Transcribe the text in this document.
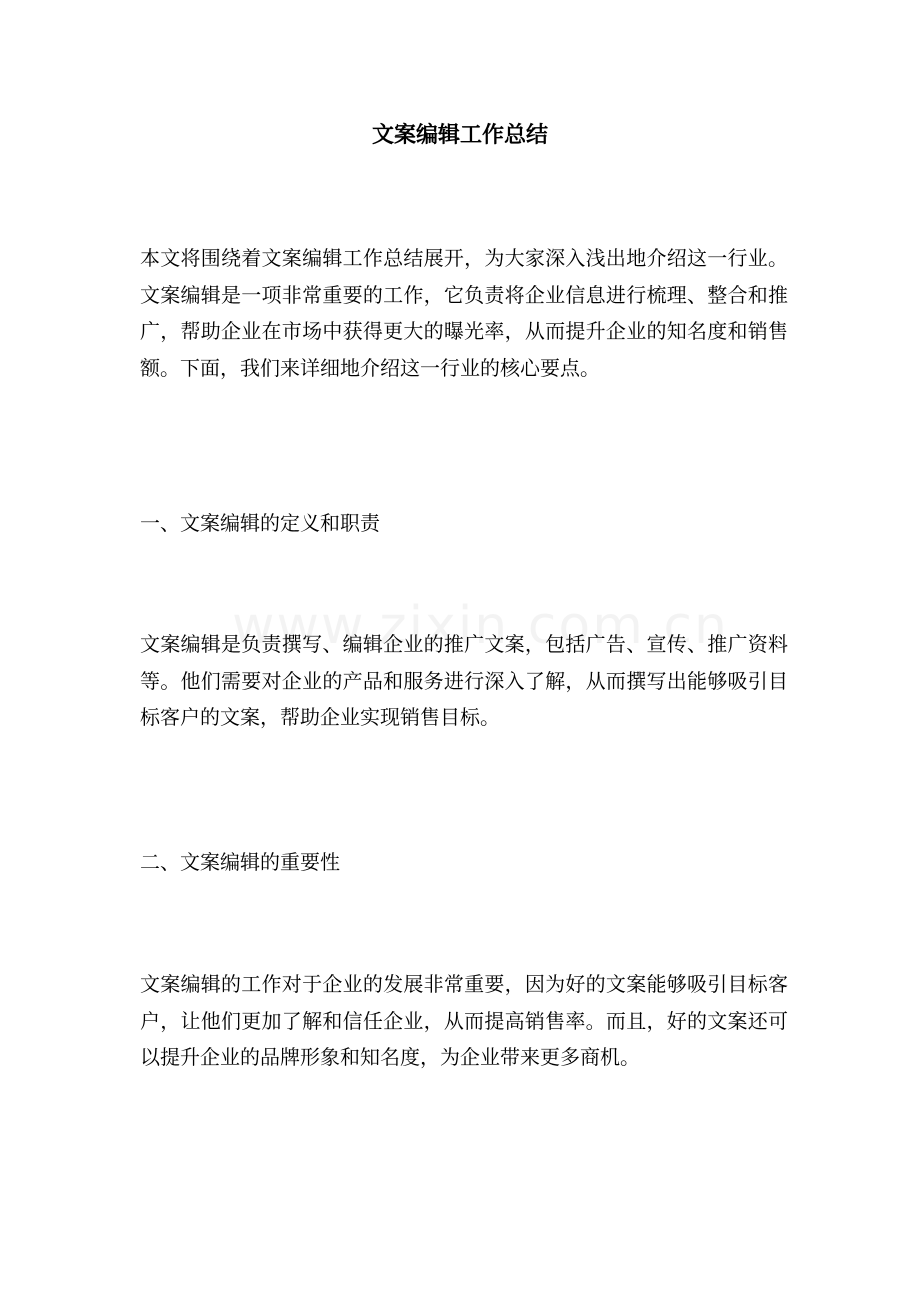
文案编辑工作总结

本文将围绕着文案编辑工作总结展开，为大家深入浅出地介绍这一行业。文案编辑是一项非常重要的工作，它负责将企业信息进行梳理、整合和推广，帮助企业在市场中获得更大的曝光率，从而提升企业的知名度和销售额。下面，我们来详细地介绍这一行业的核心要点。

一、文案编辑的定义和职责

文案编辑是负责撰写、编辑企业的推广文案，包括广告、宣传、推广资料等。他们需要对企业的产品和服务进行深入了解，从而撰写出能够吸引目标客户的文案，帮助企业实现销售目标。

二、文案编辑的重要性

文案编辑的工作对于企业的发展非常重要，因为好的文案能够吸引目标客户，让他们更加了解和信任企业，从而提高销售率。而且，好的文案还可以提升企业的品牌形象和知名度，为企业带来更多商机。
